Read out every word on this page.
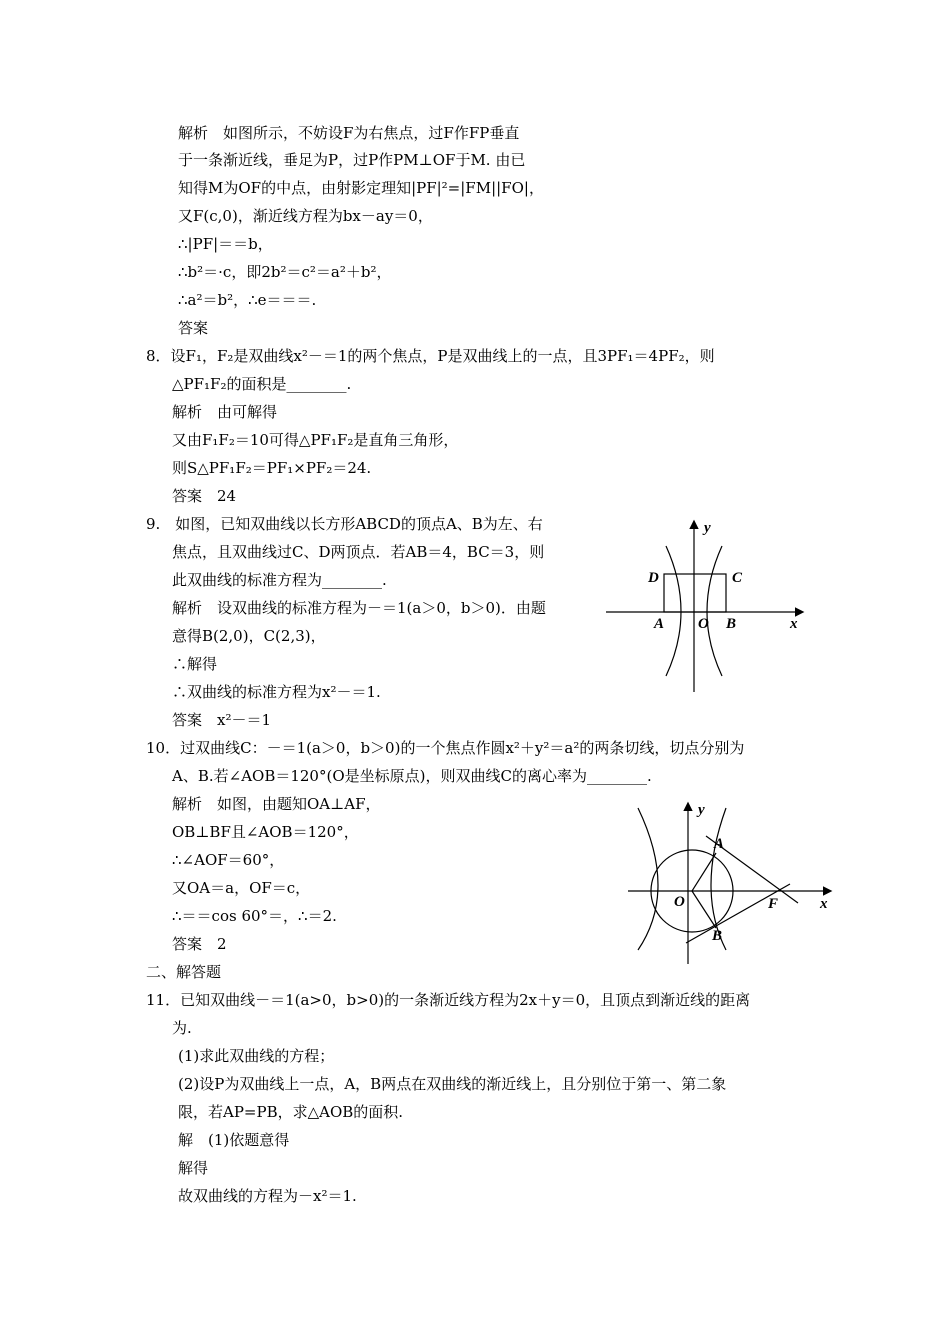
解析　如图所示，不妨设F为右焦点，过F作FP垂直
于一条渐近线，垂足为P，过P作PM⊥OF于M. 由已
知得M为OF的中点，由射影定理知|PF|²=|FM||FO|，
又F(c,0)，渐近线方程为bx－ay＝0，
∴|PF|＝＝b，
∴b²＝·c，即2b²＝c²＝a²＋b²，
∴a²＝b²，∴e＝＝＝.
答案
8．设F₁，F₂是双曲线x²－＝1的两个焦点，P是双曲线上的一点，且3PF₁＝4PF₂，则
△PF₁F₂的面积是________.
解析　由可解得
又由F₁F₂＝10可得△PF₁F₂是直角三角形，
则S△PF₁F₂＝PF₁×PF₂＝24.
答案　24
9.　如图，已知双曲线以长方形ABCD的顶点A、B为左、右
焦点，且双曲线过C、D两顶点．若AB＝4，BC＝3，则
此双曲线的标准方程为________.
解析　设双曲线的标准方程为－＝1(a＞0，b＞0)．由题
意得B(2,0)，C(2,3)，
∴解得
∴双曲线的标准方程为x²－＝1.
答案　x²－＝1
10．过双曲线C：－＝1(a＞0，b＞0)的一个焦点作圆x²＋y²＝a²的两条切线，切点分别为
A、B.若∠AOB＝120°(O是坐标原点)，则双曲线C的离心率为________.
解析　如图，由题知OA⊥AF，
OB⊥BF且∠AOB＝120°，
∴∠AOF＝60°，
又OA＝a，OF＝c，
∴＝＝cos 60°＝，∴＝2.
答案　2
二、解答题
11．已知双曲线－＝1(a>0，b>0)的一条渐近线方程为2x＋y＝0，且顶点到渐近线的距离
为.
(1)求此双曲线的方程；
(2)设P为双曲线上一点，A，B两点在双曲线的渐近线上，且分别位于第一、第二象
限，若AP=PB，求△AOB的面积.
解　(1)依题意得
解得
故双曲线的方程为－x²＝1.
y
x
D	C
A O B
y
x
A
O	F
B
